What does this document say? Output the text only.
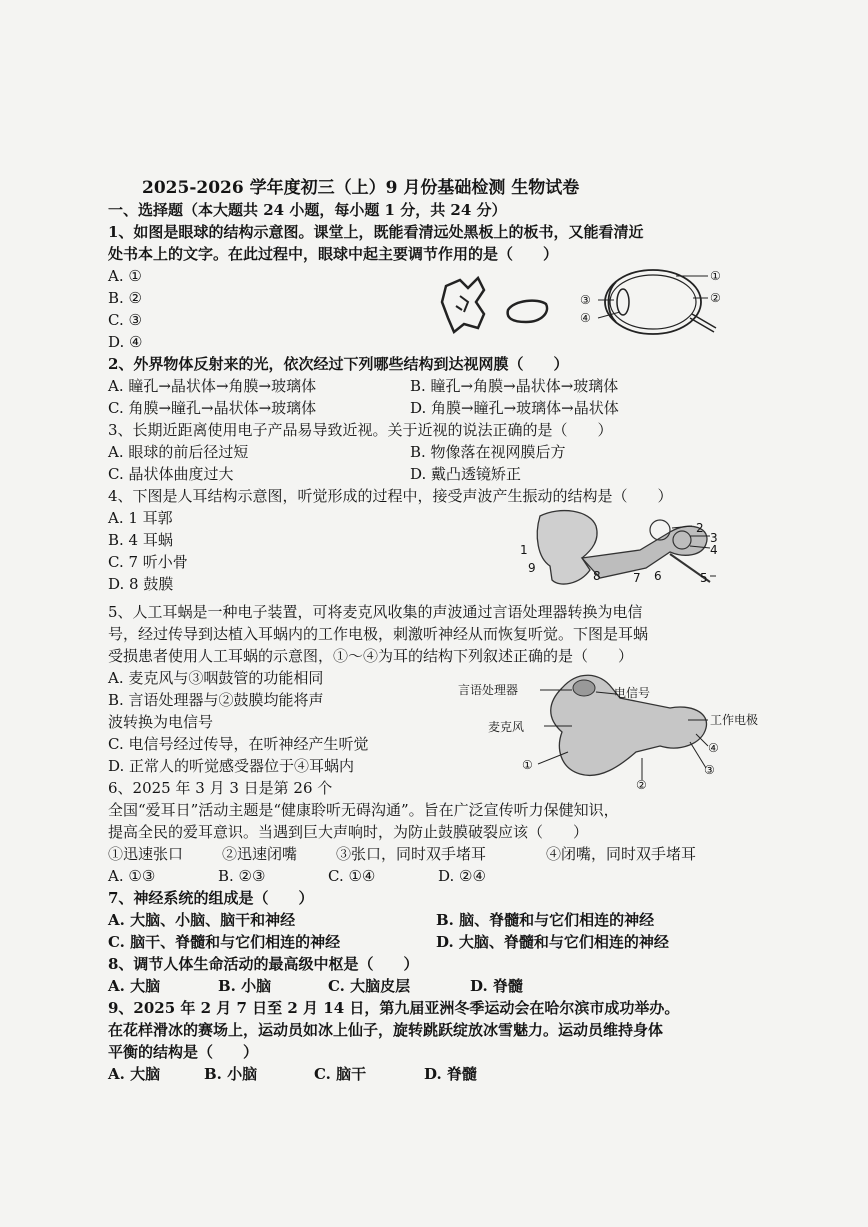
2025-2026 学年度初三（上）9 月份基础检测 生物试卷
一、选择题（本大题共 24 小题，每小题 1 分，共 24 分）
1、如图是眼球的结构示意图。课堂上，既能看清远处黑板上的板书，又能看清近
处书本上的文字。在此过程中，眼球中起主要调节作用的是（　　）
A. ①
B. ②
C. ③
D. ④
①
②
③
④
2、外界物体反射来的光，依次经过下列哪些结构到达视网膜（　　）
A. 瞳孔→晶状体→角膜→玻璃体	B. 瞳孔→角膜→晶状体→玻璃体
C. 角膜→瞳孔→晶状体→玻璃体	D. 角膜→瞳孔→玻璃体→晶状体
3、长期近距离使用电子产品易导致近视。关于近视的说法正确的是（　　）
A. 眼球的前后径过短	B. 物像落在视网膜后方
C. 晶状体曲度过大	D. 戴凸透镜矫正
4、下图是人耳结构示意图，听觉形成的过程中，接受声波产生振动的结构是（　　）
A. 1 耳郭
B. 4 耳蜗
C. 7 听小骨
D. 8 鼓膜
2
3
4
1
9
8	7 6	5
5、人工耳蜗是一种电子装置，可将麦克风收集的声波通过言语处理器转换为电信
号，经过传导到达植入耳蜗内的工作电极，刺激听神经从而恢复听觉。下图是耳蜗
受损患者使用人工耳蜗的示意图，①～④为耳的结构下列叙述正确的是（　　）
A. 麦克风与③咽鼓管的功能相同
B. 言语处理器与②鼓膜均能将声
波转换为电信号
C. 电信号经过传导，在听神经产生听觉
D. 正常人的听觉感受器位于④耳蜗内
言语处理器	电信号
麦克风	工作电极
①
②
③
④
6、2025 年 3 月 3 日是第 26 个
全国“爱耳日”活动主题是“健康聆听无碍沟通”。旨在广泛宣传听力保健知识，
提高全民的爱耳意识。当遇到巨大声响时，为防止鼓膜破裂应该（　　）
①迅速张口	②迅速闭嘴	③张口，同时双手堵耳	④闭嘴，同时双手堵耳
A. ①③	B. ②③	C. ①④	D. ②④
7、神经系统的组成是（　　）
A. 大脑、小脑、脑干和神经	B. 脑、脊髓和与它们相连的神经
C. 脑干、脊髓和与它们相连的神经	D. 大脑、脊髓和与它们相连的神经
8、调节人体生命活动的最高级中枢是（　　）
A. 大脑	B. 小脑	C. 大脑皮层	D. 脊髓
9、2025 年 2 月 7 日至 2 月 14 日，第九届亚洲冬季运动会在哈尔滨市成功举办。
在花样滑冰的赛场上，运动员如冰上仙子，旋转跳跃绽放冰雪魅力。运动员维持身体
平衡的结构是（　　）
A. 大脑	B. 小脑	C. 脑干	D. 脊髓
